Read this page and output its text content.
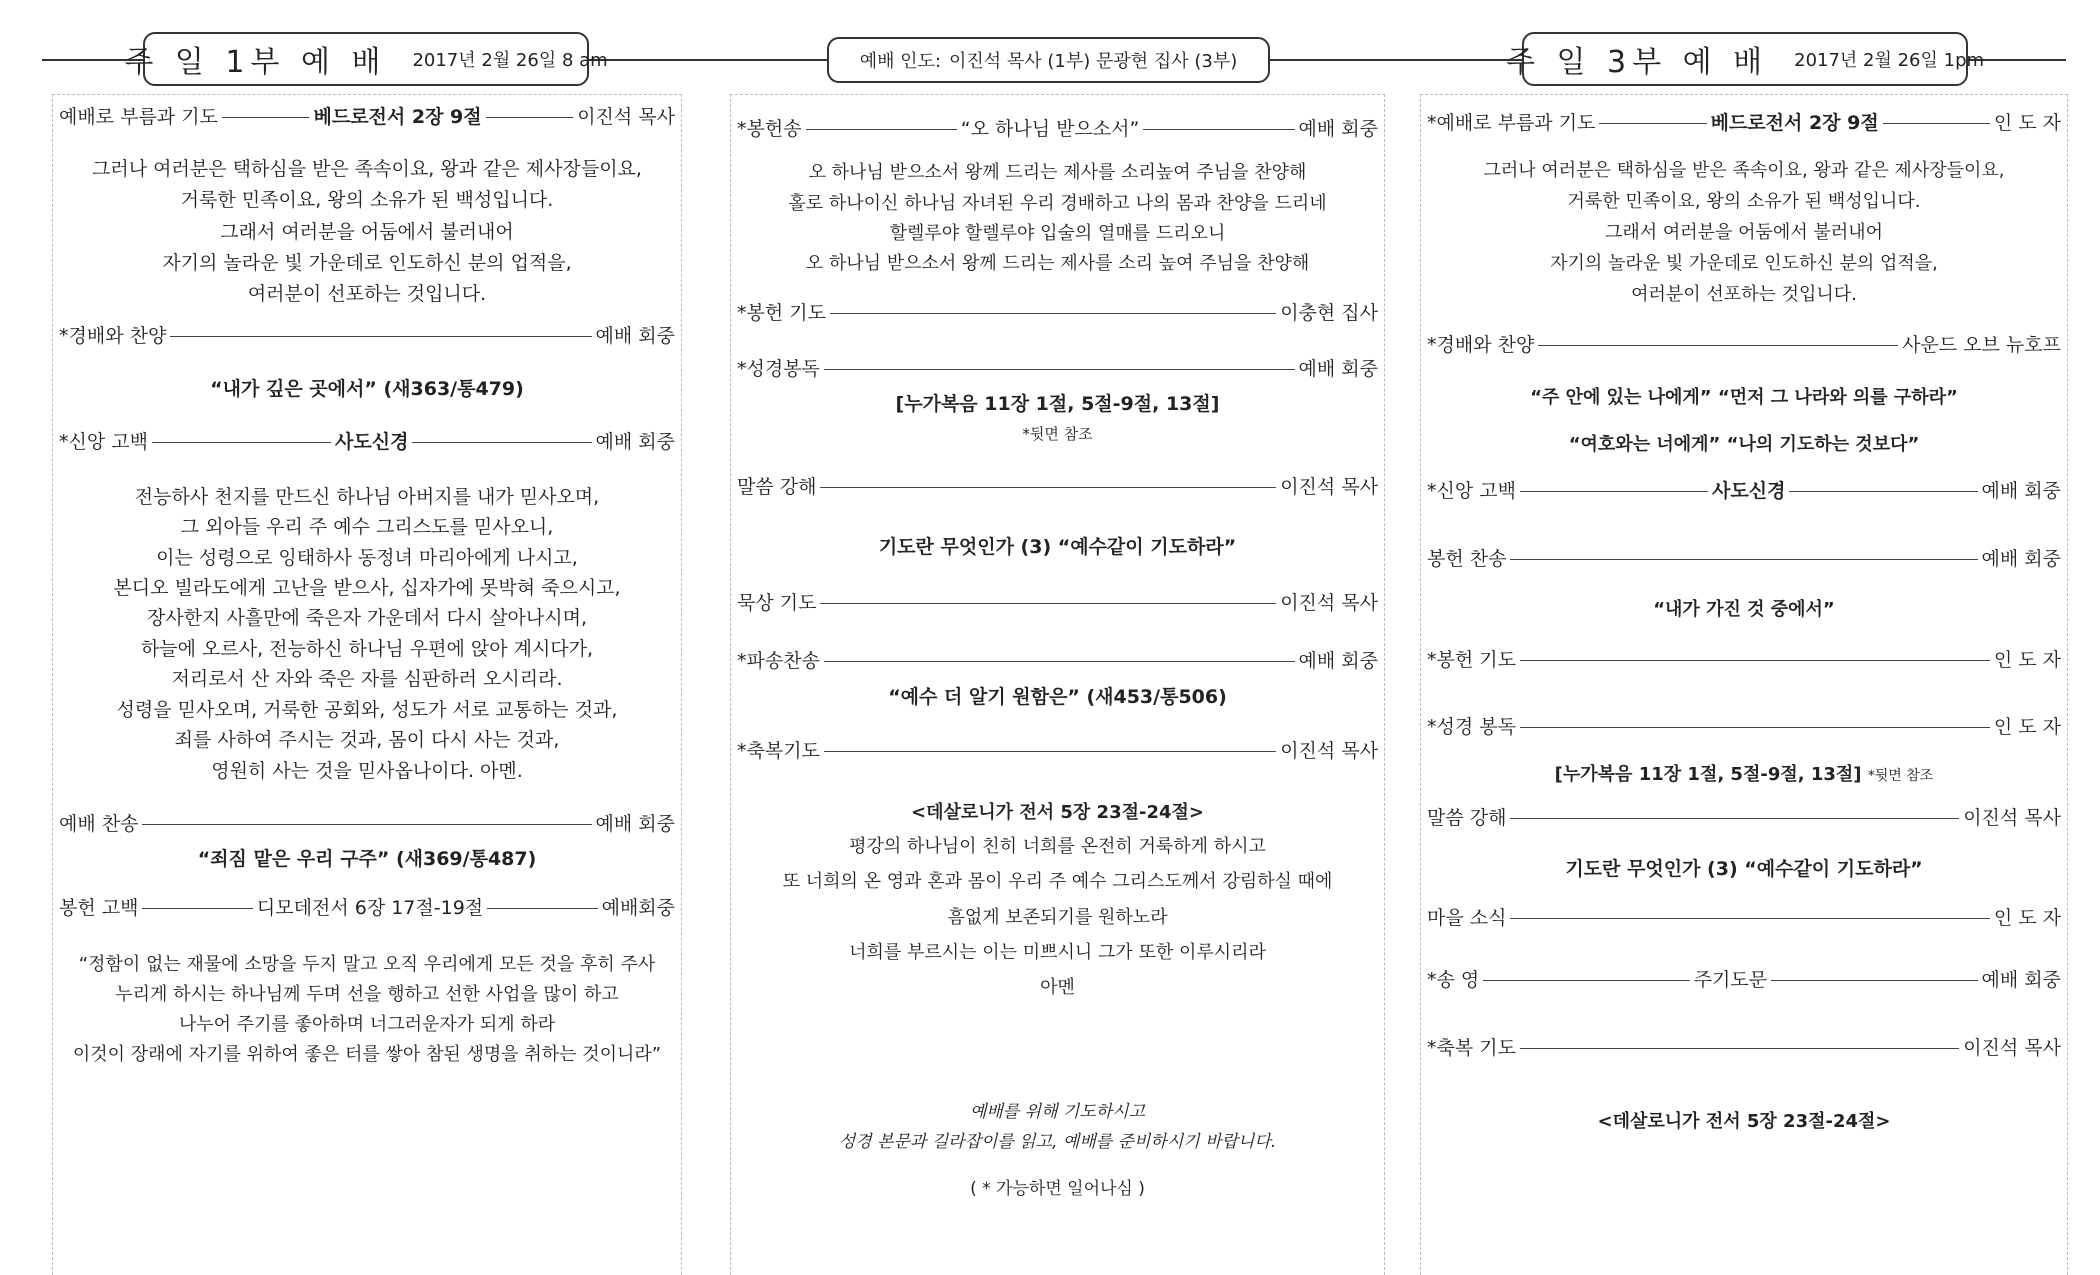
주 일 1부 예 배 2017년 2월 26일 8 am	예배 인도: 이진석 목사 (1부) 문광현 집사 (3부)	주 일 3부 예 배 2017년 2월 26일 1pm
예배로 부름과 기도	베드로전서 2장 9절	이진석 목사
그러나 여러분은 택하심을 받은 족속이요, 왕과 같은 제사장들이요,
거룩한 민족이요, 왕의 소유가 된 백성입니다.
그래서 여러분을 어둠에서 불러내어
자기의 놀라운 빛 가운데로 인도하신 분의 업적을,
여러분이 선포하는 것입니다.
*경배와 찬양	예배 회중
“내가 깊은 곳에서” (새363/통479)
*신앙 고백	사도신경	예배 회중
전능하사 천지를 만드신 하나님 아버지를 내가 믿사오며,
그 외아들 우리 주 예수 그리스도를 믿사오니,
이는 성령으로 잉태하사 동정녀 마리아에게 나시고,
본디오 빌라도에게 고난을 받으사, 십자가에 못박혀 죽으시고,
장사한지 사흘만에 죽은자 가운데서 다시 살아나시며,
하늘에 오르사, 전능하신 하나님 우편에 앉아 계시다가,
저리로서 산 자와 죽은 자를 심판하러 오시리라.
성령을 믿사오며, 거룩한 공회와, 성도가 서로 교통하는 것과,
죄를 사하여 주시는 것과, 몸이 다시 사는 것과,
영원히 사는 것을 믿사옵나이다. 아멘.
예배 찬송	예배 회중
“죄짐 맡은 우리 구주” (새369/통487)
봉헌 고백	디모데전서 6장 17절-19절	예배회중
“정함이 없는 재물에 소망을 두지 말고 오직 우리에게 모든 것을 후히 주사
누리게 하시는 하나님께 두며 선을 행하고 선한 사업을 많이 하고
나누어 주기를 좋아하며 너그러운자가 되게 하라
이것이 장래에 자기를 위하여 좋은 터를 쌓아 참된 생명을 취하는 것이니라”
*봉헌송	“오 하나님 받으소서”	예배 회중
오 하나님 받으소서 왕께 드리는 제사를 소리높여 주님을 찬양해
홀로 하나이신 하나님 자녀된 우리 경배하고 나의 몸과 찬양을 드리네
할렐루야 할렐루야 입술의 열매를 드리오니
오 하나님 받으소서 왕께 드리는 제사를 소리 높여 주님을 찬양해
*봉헌 기도	이충현 집사
*성경봉독	예배 회중
[누가복음 11장 1절, 5절-9절, 13절]
*뒷면 참조
말씀 강해	이진석 목사
기도란 무엇인가 (3) “예수같이 기도하라”
묵상 기도	이진석 목사
*파송찬송	예배 회중
“예수 더 알기 원함은” (새453/통506)
*축복기도	이진석 목사
<데살로니가 전서 5장 23절-24절>
평강의 하나님이 친히 너희를 온전히 거룩하게 하시고
또 너희의 온 영과 혼과 몸이 우리 주 예수 그리스도께서 강림하실 때에
흠없게 보존되기를 원하노라
너희를 부르시는 이는 미쁘시니 그가 또한 이루시리라
아멘
예배를 위해 기도하시고
성경 본문과 길라잡이를 읽고, 예배를 준비하시기 바랍니다.
( * 가능하면 일어나심 )
*예배로 부름과 기도	베드로전서 2장 9절	인 도 자
그러나 여러분은 택하심을 받은 족속이요, 왕과 같은 제사장들이요,
거룩한 민족이요, 왕의 소유가 된 백성입니다.
그래서 여러분을 어둠에서 불러내어
자기의 놀라운 빛 가운데로 인도하신 분의 업적을,
여러분이 선포하는 것입니다.
*경배와 찬양	사운드 오브 뉴호프
“주 안에 있는 나에게” “먼저 그 나라와 의를 구하라”
“여호와는 너에게” “나의 기도하는 것보다”
*신앙 고백	사도신경	예배 회중
봉헌 찬송	예배 회중
“내가 가진 것 중에서”
*봉헌 기도	인 도 자
*성경 봉독	인 도 자
[누가복음 11장 1절, 5절-9절, 13절] *뒷면 참조
말씀 강해	이진석 목사
기도란 무엇인가 (3) “예수같이 기도하라”
마을 소식	인 도 자
*송 영	주기도문	예배 회중
*축복 기도	이진석 목사
<데살로니가 전서 5장 23절-24절>
